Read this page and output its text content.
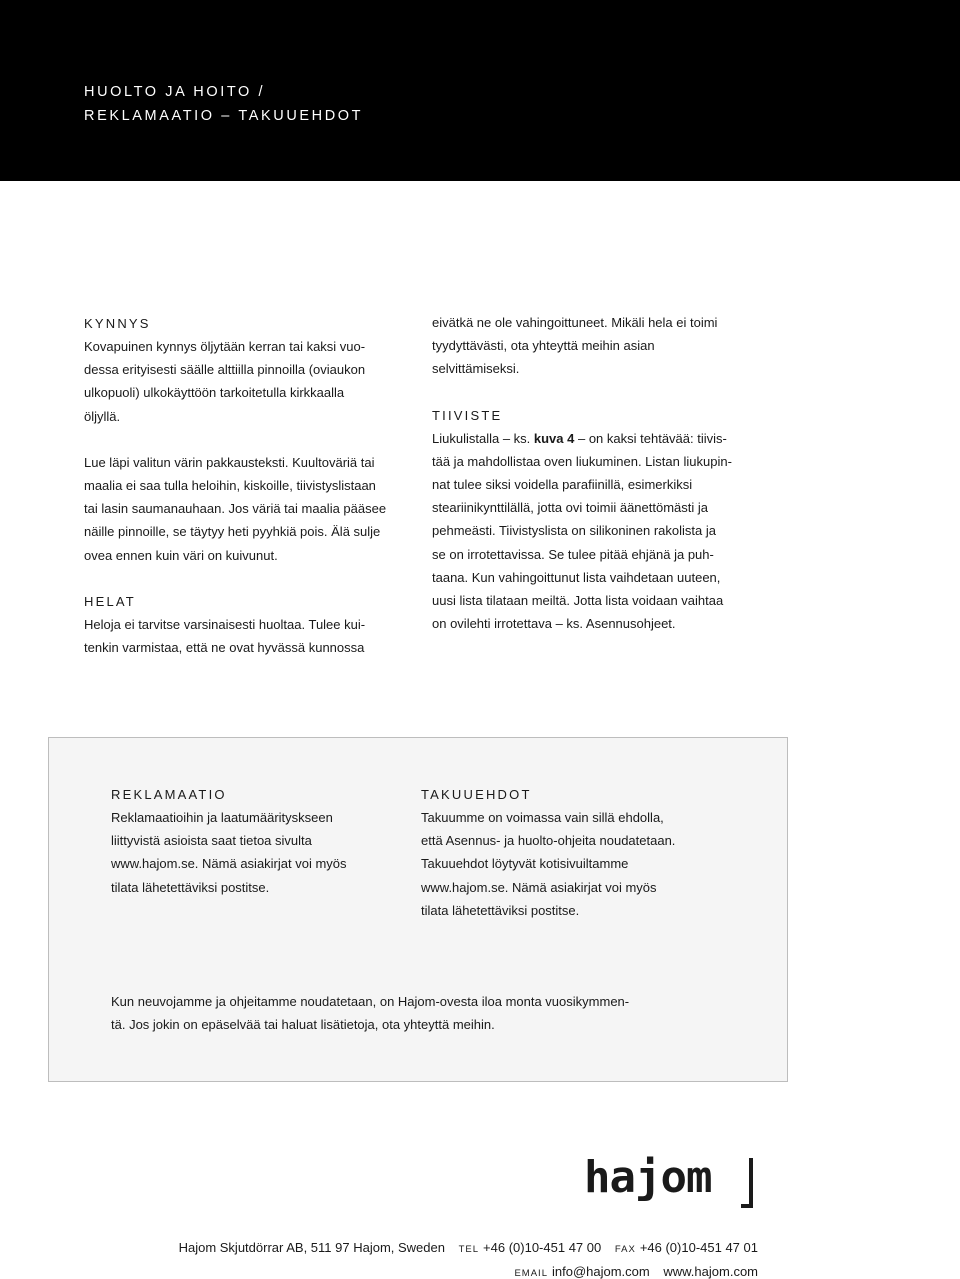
HUOLTO JA HOITO /
REKLAMAATIO – TAKUUEHDOT
KYNNYS

Kovapuinen kynnys öljytään kerran tai kaksi vuo-

dessa erityisesti säälle alttiilla pinnoilla (oviaukon

ulkopuoli) ulkokäyttöön tarkoitetulla kirkkaalla

öljyllä.

Lue läpi valitun värin pakkausteksti. Kuultoväriä tai

maalia ei saa tulla heloihin, kiskoille, tiivistyslistaan

tai lasin saumanauhaan. Jos väriä tai maalia pääsee

näille pinnoille, se täytyy heti pyyhkiä pois. Älä sulje

ovea ennen kuin väri on kuivunut.

HELAT

Heloja ei tarvitse varsinaisesti huoltaa. Tulee kui-

tenkin varmistaa, että ne ovat hyvässä kunnossa

eivätkä ne ole vahingoittuneet. Mikäli hela ei toimi

tyydyttävästi, ota yhteyttä meihin asian

selvittämiseksi.

TIIVISTE

Liukulistalla – ks. kuva 4 – on kaksi tehtävää: tiivis-

tää ja mahdollistaa oven liukuminen. Listan liukupin-

nat tulee siksi voidella parafiinillä, esimerkiksi

steariinikynttilällä, jotta ovi toimii äänettömästi ja

pehmeästi. Tiivistyslista on silikoninen rakolista ja

se on irrotettavissa. Se tulee pitää ehjänä ja puh-

taana. Kun vahingoittunut lista vaihdetaan uuteen,

uusi lista tilataan meiltä. Jotta lista voidaan vaihtaa

on ovilehti irrotettava – ks. Asennusohjeet.

REKLAMAATIO

Reklamaatioihin ja laatumäärityskseen

liittyvistä asioista saat tietoa sivulta

www.hajom.se. Nämä asiakirjat voi myös

tilata lähetettäviksi postitse.

TAKUUEHDOT

Takuumme on voimassa vain sillä ehdolla,

että Asennus- ja huolto-ohjeita noudatetaan.

Takuuehdot löytyvät kotisivuiltamme

www.hajom.se. Nämä asiakirjat voi myös

tilata lähetettäviksi postitse.

Kun neuvojamme ja ohjeitamme noudatetaan, on Hajom-ovesta iloa monta vuosikymmen-

tä. Jos jokin on epäselvää tai haluat lisätietoja, ota yhteyttä meihin.

hajom
Hajom Skjutdörrar AB, 511 97 Hajom, Sweden TEL +46 (0)10-451 47 00 FAX +46 (0)10-451 47 01
EMAIL info@hajom.com www.hajom.com
